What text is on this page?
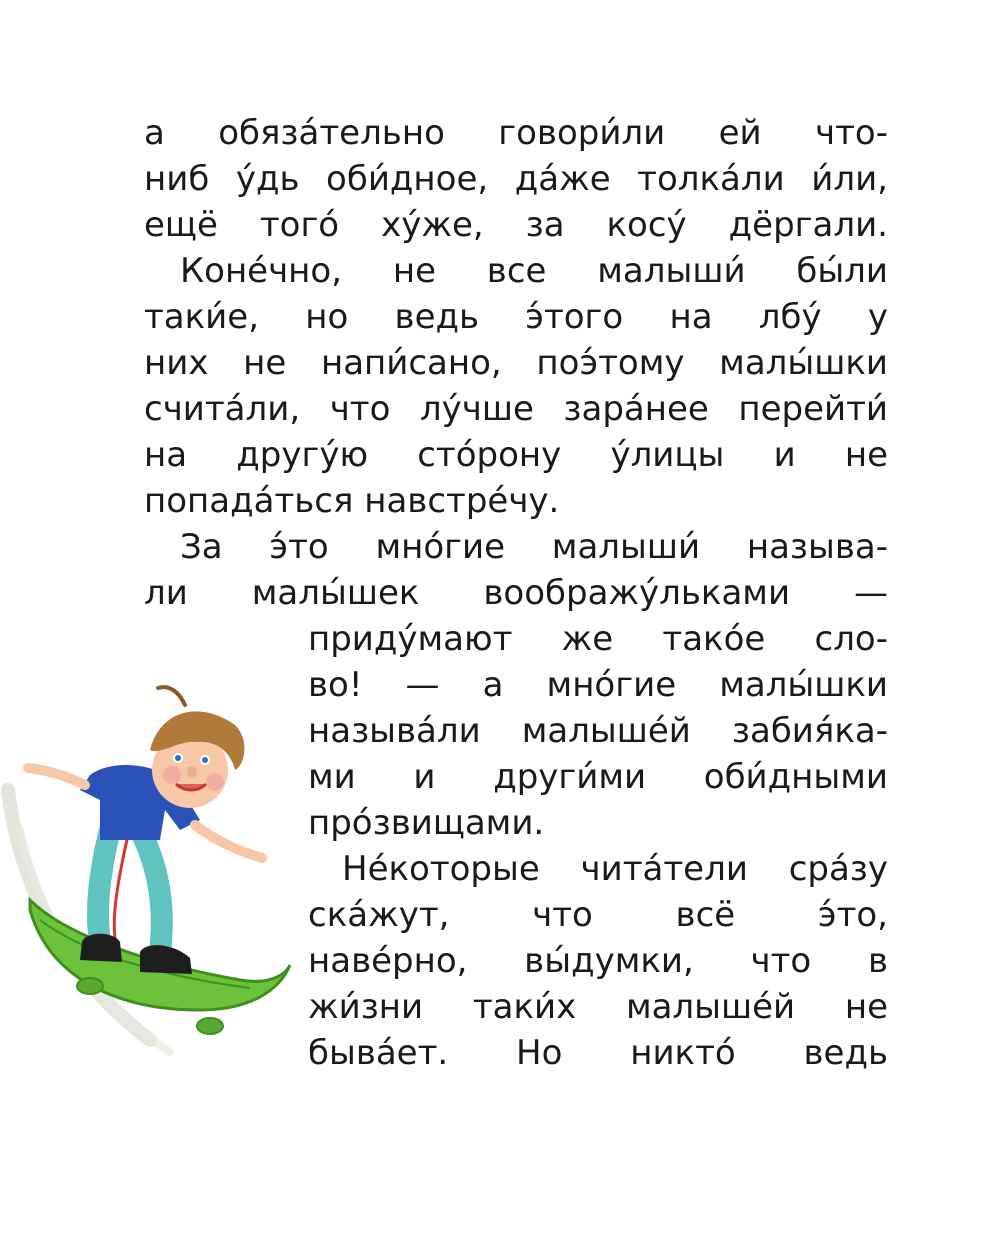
а обяза́тельно говори́ли ей что-
ниб у́дь оби́дное, да́же толка́ли и́ли,
ещё того́ ху́же, за косу́ дёргали.
Коне́чно, не все малыши́ бы́ли
таки́е, но ведь э́того на лбу́ у
них не напи́сано, поэ́тому малы́шки
счита́ли, что лу́чше зара́нее перейти́
на другу́ю сто́рону у́лицы и не
попада́ться навстре́чу.
За э́то мно́гие малыши́ называ-
ли малы́шек воображу́льками —
приду́мают же тако́е сло-
во! — а мно́гие малы́шки
называ́ли малыше́й забия́ка-
ми и други́ми оби́дными
про́звищами.
Не́которые чита́тели сра́зу
ска́жут, что всё э́то,
наве́рно, вы́думки, что в
жи́зни таки́х малыше́й не
быва́ет. Но никто́ ведь
